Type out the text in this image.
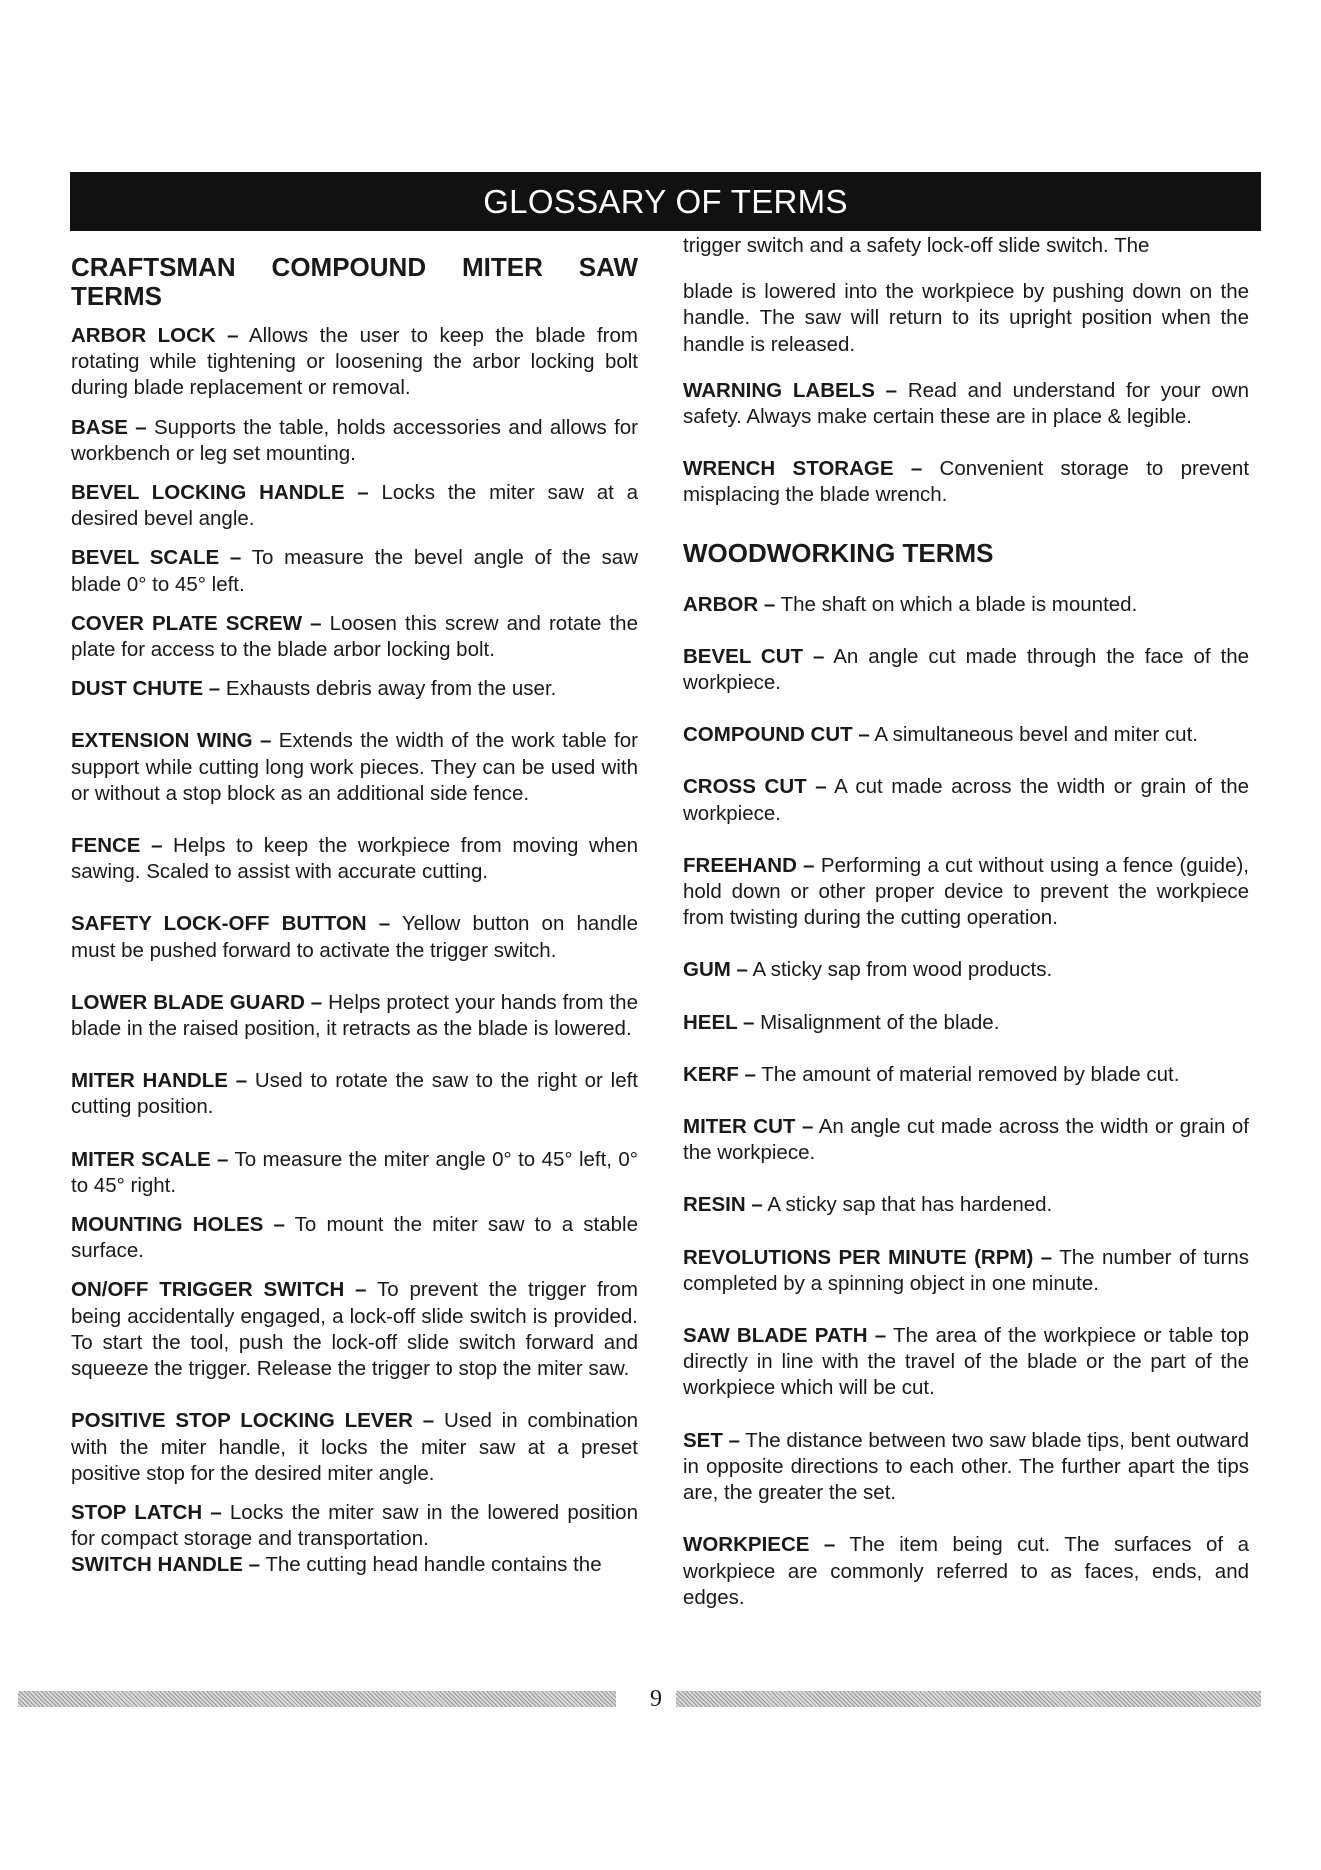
GLOSSARY OF TERMS
CRAFTSMAN COMPOUND MITER SAW TERMS

ARBOR LOCK – Allows the user to keep the blade from rotating while tightening or loosening the arbor locking bolt during blade replacement or removal.

BASE – Supports the table, holds accessories and allows for workbench or leg set mounting.

BEVEL LOCKING HANDLE – Locks the miter saw at a desired bevel angle.

BEVEL SCALE – To measure the bevel angle of the saw blade 0° to 45° left.

COVER PLATE SCREW – Loosen this screw and rotate the plate for access to the blade arbor locking bolt.

DUST CHUTE – Exhausts debris away from the user.

EXTENSION WING – Extends the width of the work table for support while cutting long work pieces. They can be used with or without a stop block as an additional side fence.

FENCE – Helps to keep the workpiece from moving when sawing. Scaled to assist with accurate cutting.

SAFETY LOCK-OFF BUTTON – Yellow button on handle must be pushed forward to activate the trigger switch.

LOWER BLADE GUARD – Helps protect your hands from the blade in the raised position, it retracts as the blade is lowered.

MITER HANDLE – Used to rotate the saw to the right or left cutting position.

MITER SCALE – To measure the miter angle 0° to 45° left, 0° to 45° right.

MOUNTING HOLES – To mount the miter saw to a stable surface.

ON/OFF TRIGGER SWITCH – To prevent the trigger from being accidentally engaged, a lock-off slide switch is provided. To start the tool, push the lock-off slide switch forward and squeeze the trigger. Release the trigger to stop the miter saw.

POSITIVE STOP LOCKING LEVER – Used in combination with the miter handle, it locks the miter saw at a preset positive stop for the desired miter angle.

STOP LATCH – Locks the miter saw in the lowered position for compact storage and transportation.

SWITCH HANDLE – The cutting head handle contains the

trigger switch and a safety lock-off slide switch. The

blade is lowered into the workpiece by pushing down on the handle. The saw will return to its upright position when the handle is released.

WARNING LABELS – Read and understand for your own safety. Always make certain these are in place & legible.

WRENCH STORAGE – Convenient storage to prevent misplacing the blade wrench.

WOODWORKING TERMS

ARBOR – The shaft on which a blade is mounted.

BEVEL CUT – An angle cut made through the face of the workpiece.

COMPOUND CUT – A simultaneous bevel and miter cut.

CROSS CUT – A cut made across the width or grain of the workpiece.

FREEHAND – Performing a cut without using a fence (guide), hold down or other proper device to prevent the workpiece from twisting during the cutting operation.

GUM – A sticky sap from wood products.

HEEL – Misalignment of the blade.

KERF – The amount of material removed by blade cut.

MITER CUT – An angle cut made across the width or grain of the workpiece.

RESIN – A sticky sap that has hardened.

REVOLUTIONS PER MINUTE (RPM) – The number of turns completed by a spinning object in one minute.

SAW BLADE PATH – The area of the workpiece or table top directly in line with the travel of the blade or the part of the workpiece which will be cut.

SET – The distance between two saw blade tips, bent outward in opposite directions to each other. The further apart the tips are, the greater the set.

WORKPIECE – The item being cut. The surfaces of a workpiece are commonly referred to as faces, ends, and edges.

9
